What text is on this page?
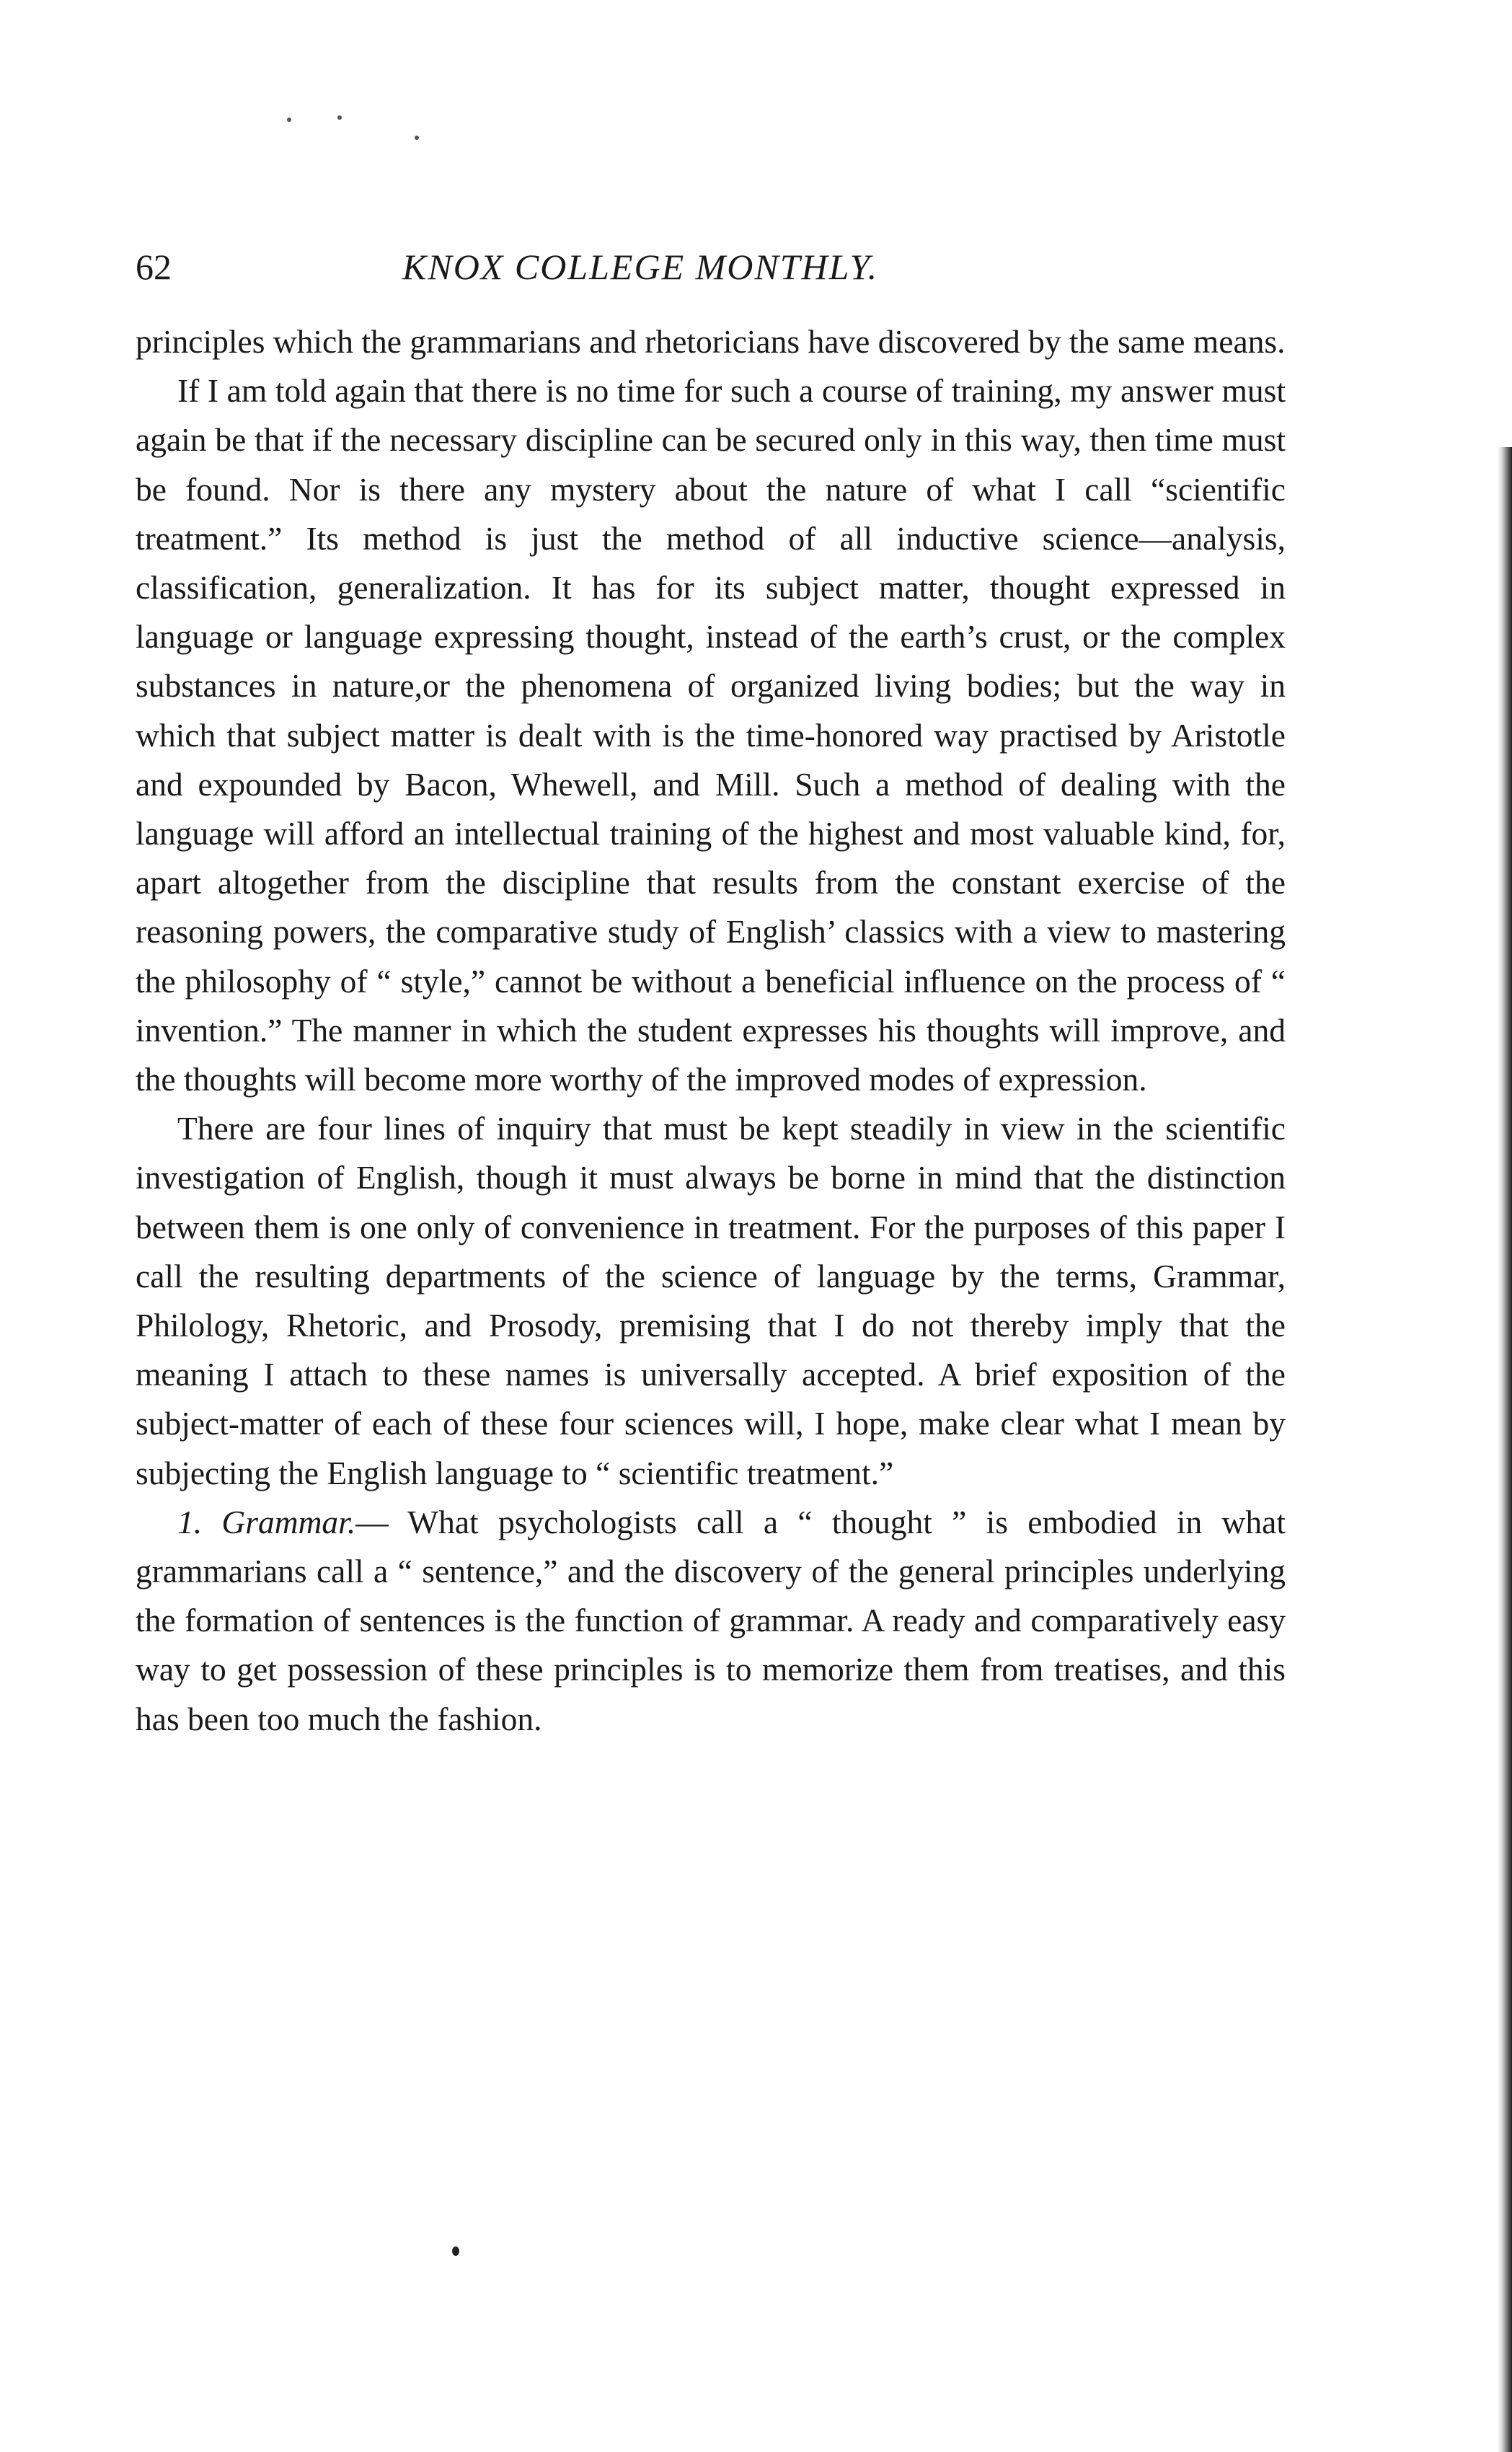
62	KNOX COLLEGE MONTHLY.

principles which the grammarians and rhetoricians have discovered by the same means.

If I am told again that there is no time for such a course of training, my answer must again be that if the necessary discipline can be secured only in this way, then time must be found. Nor is there any mystery about the nature of what I call “scientific treatment.” Its method is just the method of all inductive science—analysis, classification, generalization. It has for its subject matter, thought expressed in language or language expressing thought, instead of the earth’s crust, or the complex substances in nature,or the phenomena of organized living bodies; but the way in which that subject matter is dealt with is the time-honored way practised by Aristotle and expounded by Bacon, Whewell, and Mill. Such a method of dealing with the language will afford an intellectual training of the highest and most valuable kind, for, apart altogether from the discipline that results from the constant exercise of the reasoning powers, the comparative study of English’ classics with a view to mastering the philosophy of “ style,” cannot be without a beneficial influence on the process of “ invention.” The manner in which the student expresses his thoughts will improve, and the thoughts will become more worthy of the improved modes of expression.

There are four lines of inquiry that must be kept steadily in view in the scientific investigation of English, though it must always be borne in mind that the distinction between them is one only of convenience in treatment. For the purposes of this paper I call the resulting departments of the science of language by the terms, Grammar, Philology, Rhetoric, and Prosody, premising that I do not thereby imply that the meaning I attach to these names is universally accepted. A brief exposition of the subject-matter of each of these four sciences will, I hope, make clear what I mean by subjecting the English language to “ scientific treatment.”

1. Grammar.— What psychologists call a “ thought ” is embodied in what grammarians call a “ sentence,” and the discovery of the general principles underlying the formation of sentences is the function of grammar. A ready and comparatively easy way to get possession of these principles is to memorize them from treatises, and this has been too much the fashion.
